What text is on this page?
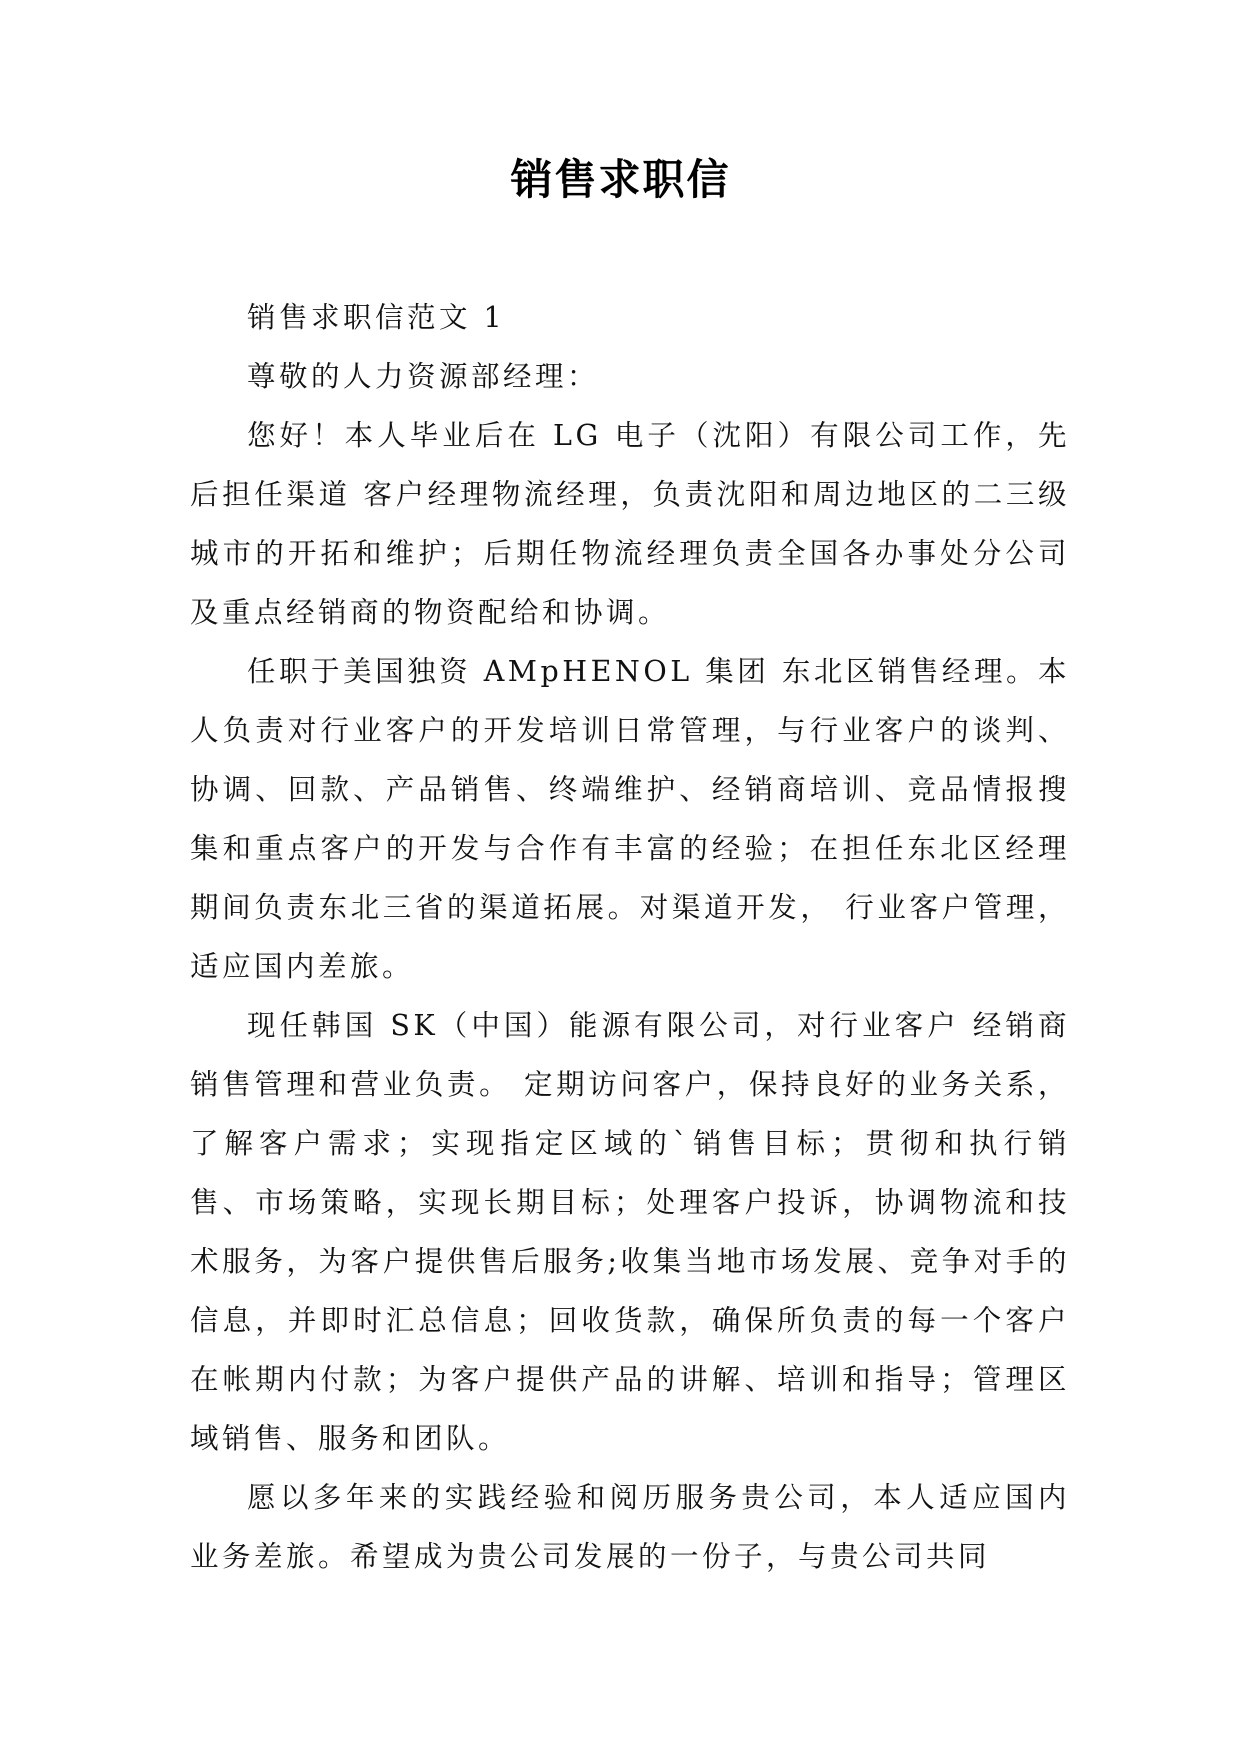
销售求职信

销售求职信范文 1

尊敬的人力资源部经理：

您好！本人毕业后在 LG 电子（沈阳）有限公司工作，先后担任渠道 客户经理物流经理，负责沈阳和周边地区的二三级城市的开拓和维护；后期任物流经理负责全国各办事处分公司及重点经销商的物资配给和协调。

任职于美国独资 AMpHENOL 集团 东北区销售经理。本人负责对行业客户的开发培训日常管理，与行业客户的谈判、协调、回款、产品销售、终端维护、经销商培训、竞品情报搜集和重点客户的开发与合作有丰富的经验；在担任东北区经理期间负责东北三省的渠道拓展。对渠道开发， 行业客户管理， 适应国内差旅。

现任韩国 SK（中国）能源有限公司，对行业客户 经销商销售管理和营业负责。 定期访问客户，保持良好的业务关系，了解客户需求；实现指定区域的`销售目标；贯彻和执行销售、市场策略，实现长期目标；处理客户投诉，协调物流和技术服务，为客户提供售后服务;收集当地市场发展、竞争对手的信息，并即时汇总信息；回收货款，确保所负责的每一个客户在帐期内付款；为客户提供产品的讲解、培训和指导；管理区域销售、服务和团队。

愿以多年来的实践经验和阅历服务贵公司，本人适应国内业务差旅。希望成为贵公司发展的一份子，与贵公司共同
